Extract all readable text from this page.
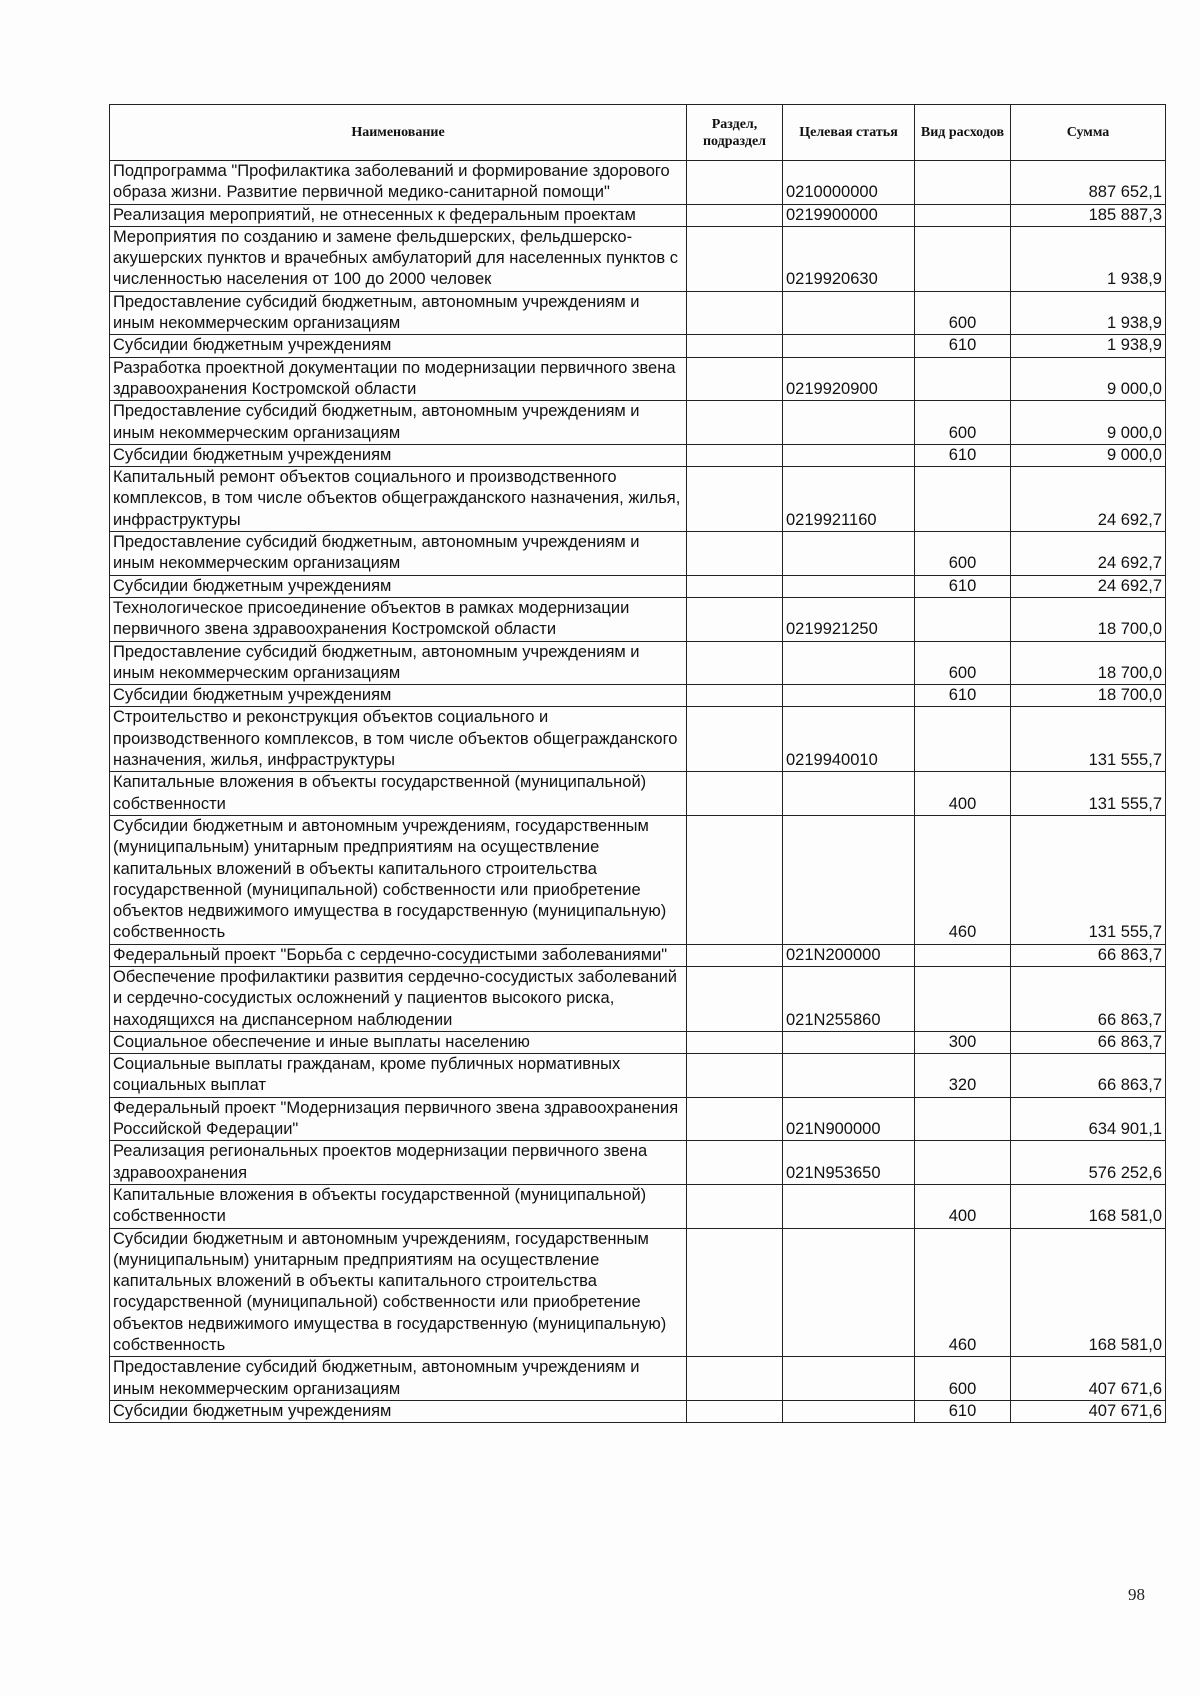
Наименование	Раздел, подраздел	Целевая статья	Вид расходов	Сумма
Подпрограмма "Профилактика заболеваний и формирование здорового образа жизни. Развитие первичной медико-санитарной помощи"		0210000000		887 652,1
Реализация мероприятий, не отнесенных к федеральным проектам		0219900000		185 887,3
Мероприятия по созданию и замене фельдшерских, фельдшерско-акушерских пунктов и врачебных амбулаторий для населенных пунктов с численностью населения от 100 до 2000 человек		0219920630		1 938,9
Предоставление субсидий бюджетным, автономным учреждениям и иным некоммерческим организациям			600	1 938,9
Субсидии бюджетным учреждениям			610	1 938,9
Разработка проектной документации по модернизации первичного звена здравоохранения Костромской области		0219920900		9 000,0
Предоставление субсидий бюджетным, автономным учреждениям и иным некоммерческим организациям			600	9 000,0
Субсидии бюджетным учреждениям			610	9 000,0
Капитальный ремонт объектов социального и производственного комплексов, в том числе объектов общегражданского назначения, жилья, инфраструктуры		0219921160		24 692,7
Предоставление субсидий бюджетным, автономным учреждениям и иным некоммерческим организациям			600	24 692,7
Субсидии бюджетным учреждениям			610	24 692,7
Технологическое присоединение объектов в рамках модернизации первичного звена здравоохранения Костромской области		0219921250		18 700,0
Предоставление субсидий бюджетным, автономным учреждениям и иным некоммерческим организациям			600	18 700,0
Субсидии бюджетным учреждениям			610	18 700,0
Строительство и реконструкция объектов социального и производственного комплексов, в том числе объектов общегражданского назначения, жилья, инфраструктуры		0219940010		131 555,7
Капитальные вложения в объекты государственной (муниципальной) собственности			400	131 555,7
Субсидии бюджетным и автономным учреждениям, государственным (муниципальным) унитарным предприятиям на осуществление капитальных вложений в объекты капитального строительства государственной (муниципальной) собственности или приобретение объектов недвижимого имущества в государственную (муниципальную) собственность			460	131 555,7
Федеральный проект "Борьба с сердечно-сосудистыми заболеваниями"		021N200000		66 863,7
Обеспечение профилактики развития сердечно-сосудистых заболеваний и сердечно-сосудистых осложнений у пациентов высокого риска, находящихся на диспансерном наблюдении		021N255860		66 863,7
Социальное обеспечение и иные выплаты населению			300	66 863,7
Социальные выплаты гражданам, кроме публичных нормативных социальных выплат			320	66 863,7
Федеральный проект "Модернизация первичного звена здравоохранения Российской Федерации"		021N900000		634 901,1
Реализация региональных проектов модернизации первичного звена здравоохранения		021N953650		576 252,6
Капитальные вложения в объекты государственной (муниципальной) собственности			400	168 581,0
Субсидии бюджетным и автономным учреждениям, государственным (муниципальным) унитарным предприятиям на осуществление капитальных вложений в объекты капитального строительства государственной (муниципальной) собственности или приобретение объектов недвижимого имущества в государственную (муниципальную) собственность			460	168 581,0
Предоставление субсидий бюджетным, автономным учреждениям и иным некоммерческим организациям			600	407 671,6
Субсидии бюджетным учреждениям			610	407 671,6
98
